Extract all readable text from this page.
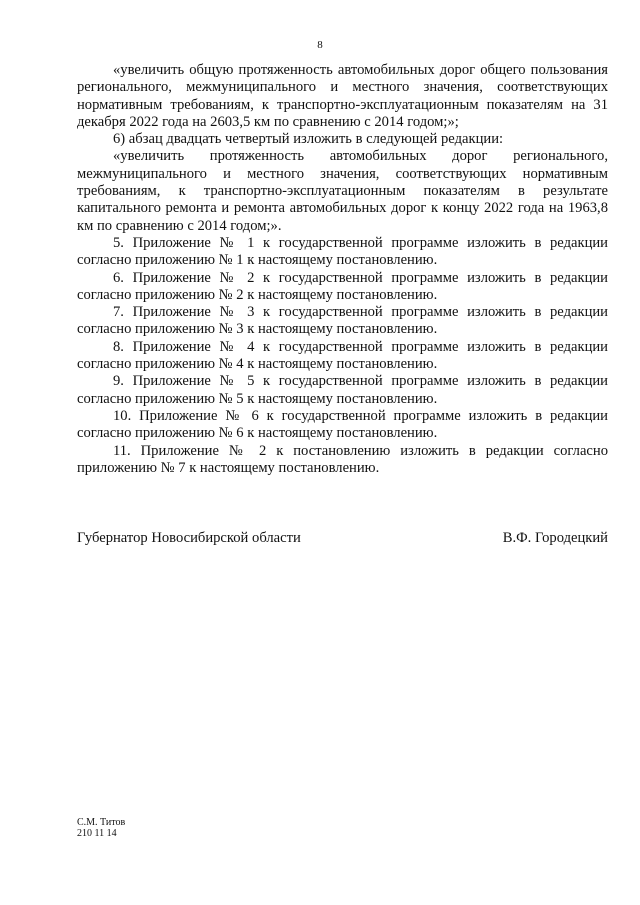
8

«увеличить общую протяженность автомобильных дорог общего пользования регионального, межмуниципального и местного значения, соответствующих нормативным требованиям, к транспортно-эксплуатационным показателям на 31 декабря 2022 года на 2603,5 км по сравнению с 2014 годом;»;

6) абзац двадцать четвертый изложить в следующей редакции:

«увеличить протяженность автомобильных дорог регионального, межмуниципального и местного значения, соответствующих нормативным требованиям, к транспортно-эксплуатационным показателям в результате капитального ремонта и ремонта автомобильных дорог к концу 2022 года на 1963,8 км по сравнению с 2014 годом;».

5. Приложение № 1 к государственной программе изложить в редакции согласно приложению № 1 к настоящему постановлению.

6. Приложение № 2 к государственной программе изложить в редакции согласно приложению № 2 к настоящему постановлению.

7. Приложение № 3 к государственной программе изложить в редакции согласно приложению № 3 к настоящему постановлению.

8. Приложение № 4 к государственной программе изложить в редакции согласно приложению № 4 к настоящему постановлению.

9. Приложение № 5 к государственной программе изложить в редакции согласно приложению № 5 к настоящему постановлению.

10. Приложение № 6 к государственной программе изложить в редакции согласно приложению № 6 к настоящему постановлению.

11. Приложение № 2 к постановлению изложить в редакции согласно приложению № 7 к настоящему постановлению.

Губернатор Новосибирской области	В.Ф. Городецкий
С.М. Титов
210 11 14
